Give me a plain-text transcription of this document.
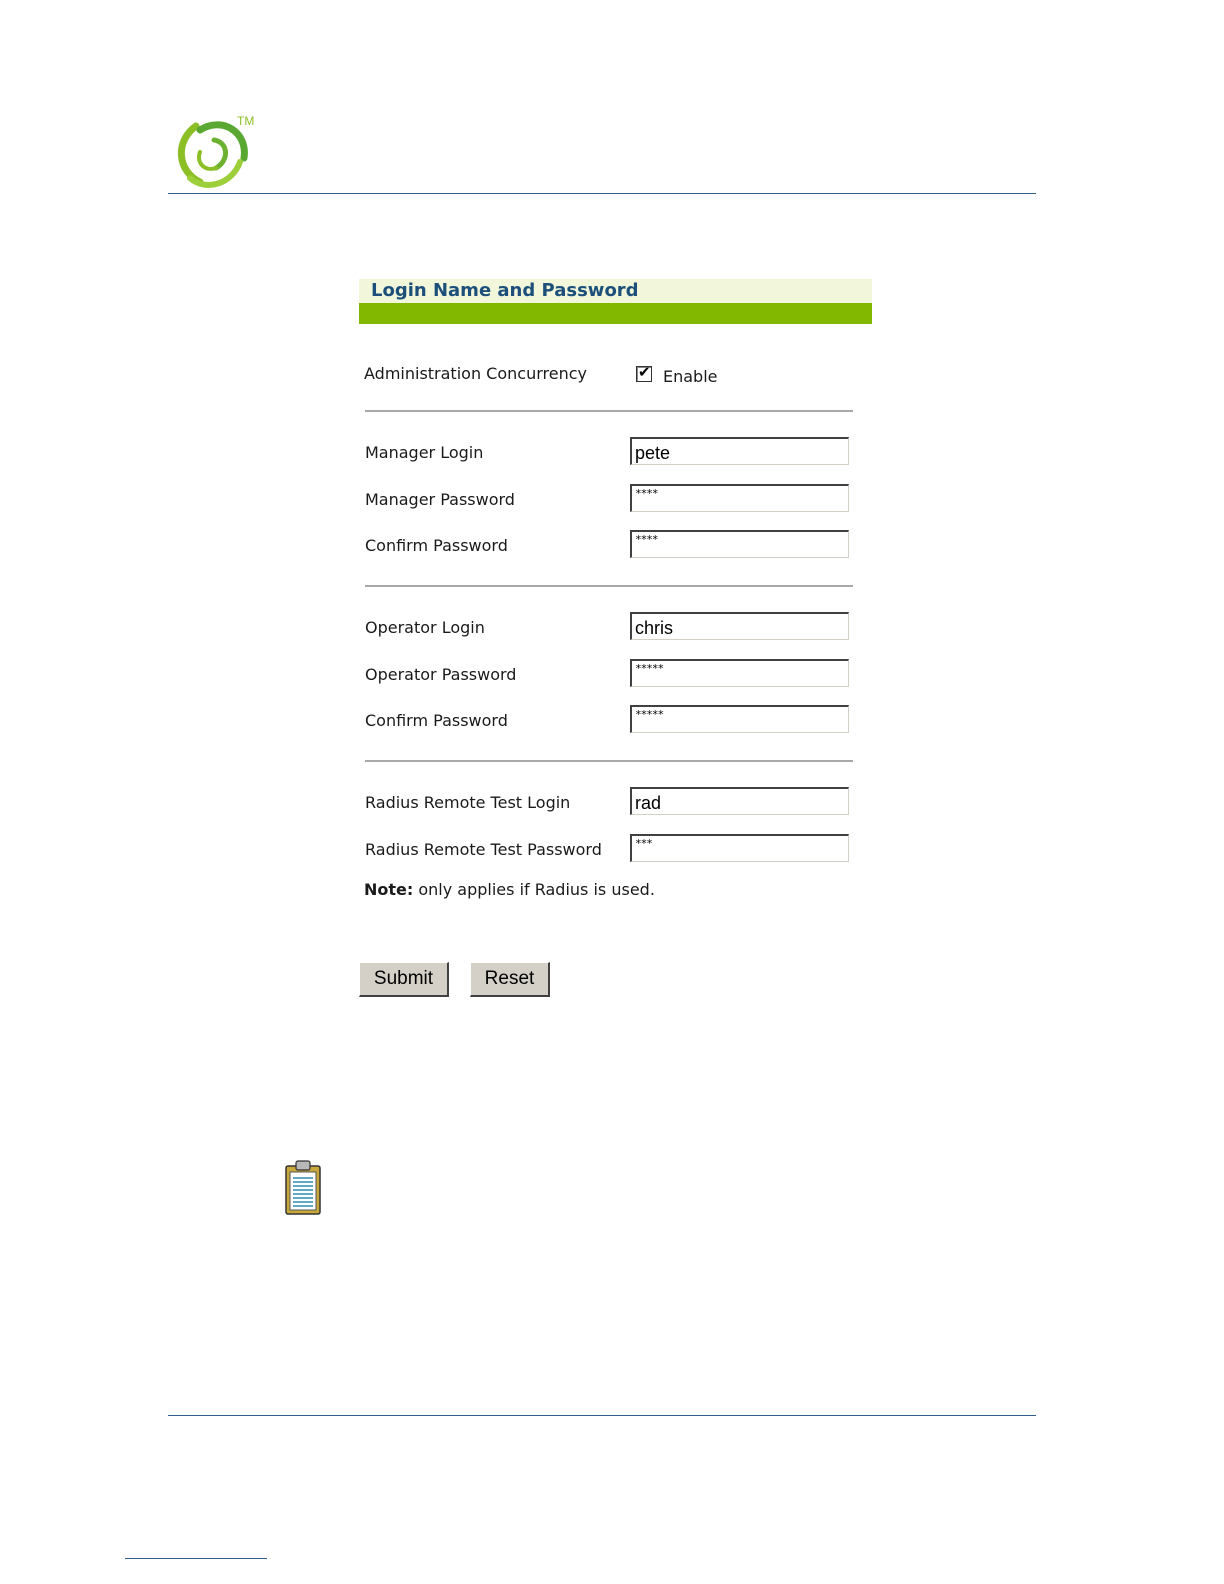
TM
Login Name and Password
Administration Concurrency	✔ Enable
Manager Login	pete
Manager Password	****
Confirm Password	****
Operator Login	chris
Operator Password	*****
Confirm Password	*****
Radius Remote Test Login	rad
Radius Remote Test Password	***
Note: only applies if Radius is used.
Submit	Reset
